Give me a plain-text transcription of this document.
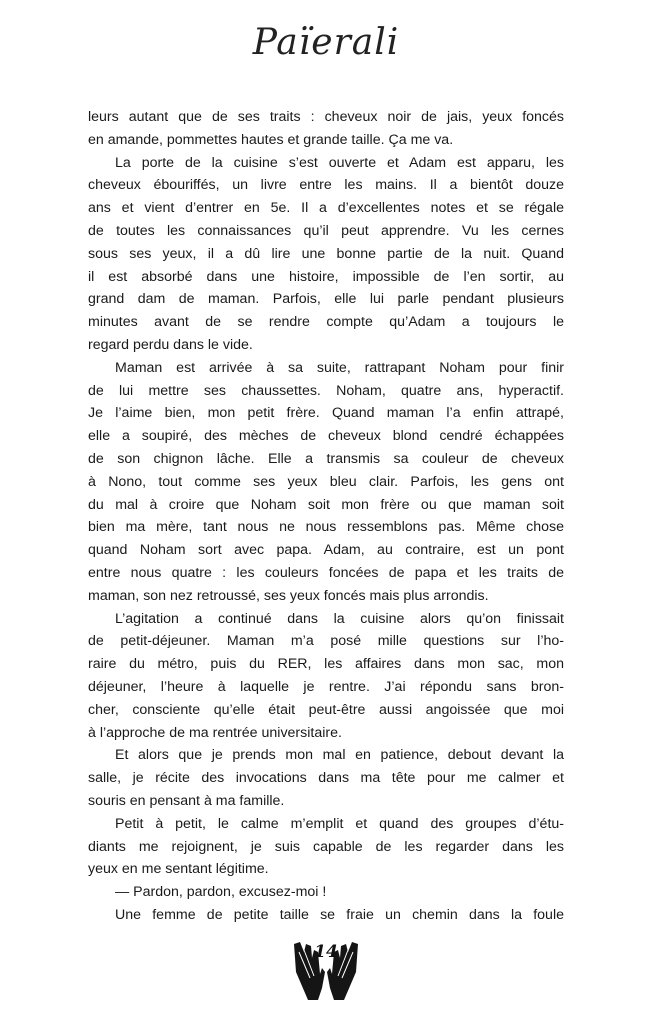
Païerali
leurs autant que de ses traits : cheveux noir de jais, yeux foncés
en amande, pommettes hautes et grande taille. Ça me va.
La porte de la cuisine s’est ouverte et Adam est apparu, les
cheveux ébouriffés, un livre entre les mains. Il a bientôt douze
ans et vient d’entrer en 5e. Il a d’excellentes notes et se régale
de toutes les connaissances qu’il peut apprendre. Vu les cernes
sous ses yeux, il a dû lire une bonne partie de la nuit. Quand
il est absorbé dans une histoire, impossible de l’en sortir, au
grand dam de maman. Parfois, elle lui parle pendant plusieurs
minutes avant de se rendre compte qu’Adam a toujours le
regard perdu dans le vide.
Maman est arrivée à sa suite, rattrapant Noham pour finir
de lui mettre ses chaussettes. Noham, quatre ans, hyperactif.
Je l’aime bien, mon petit frère. Quand maman l’a enfin attrapé,
elle a soupiré, des mèches de cheveux blond cendré échappées
de son chignon lâche. Elle a transmis sa couleur de cheveux
à Nono, tout comme ses yeux bleu clair. Parfois, les gens ont
du mal à croire que Noham soit mon frère ou que maman soit
bien ma mère, tant nous ne nous ressemblons pas. Même chose
quand Noham sort avec papa. Adam, au contraire, est un pont
entre nous quatre : les couleurs foncées de papa et les traits de
maman, son nez retroussé, ses yeux foncés mais plus arrondis.
L’agitation a continué dans la cuisine alors qu’on finissait
de petit-déjeuner. Maman m’a posé mille questions sur l’ho-
raire du métro, puis du RER, les affaires dans mon sac, mon
déjeuner, l’heure à laquelle je rentre. J’ai répondu sans bron-
cher, consciente qu’elle était peut-être aussi angoissée que moi
à l’approche de ma rentrée universitaire.
Et alors que je prends mon mal en patience, debout devant la
salle, je récite des invocations dans ma tête pour me calmer et
souris en pensant à ma famille.
Petit à petit, le calme m’emplit et quand des groupes d’étu-
diants me rejoignent, je suis capable de les regarder dans les
yeux en me sentant légitime.
— Pardon, pardon, excusez-moi !
Une femme de petite taille se fraie un chemin dans la foule
14
